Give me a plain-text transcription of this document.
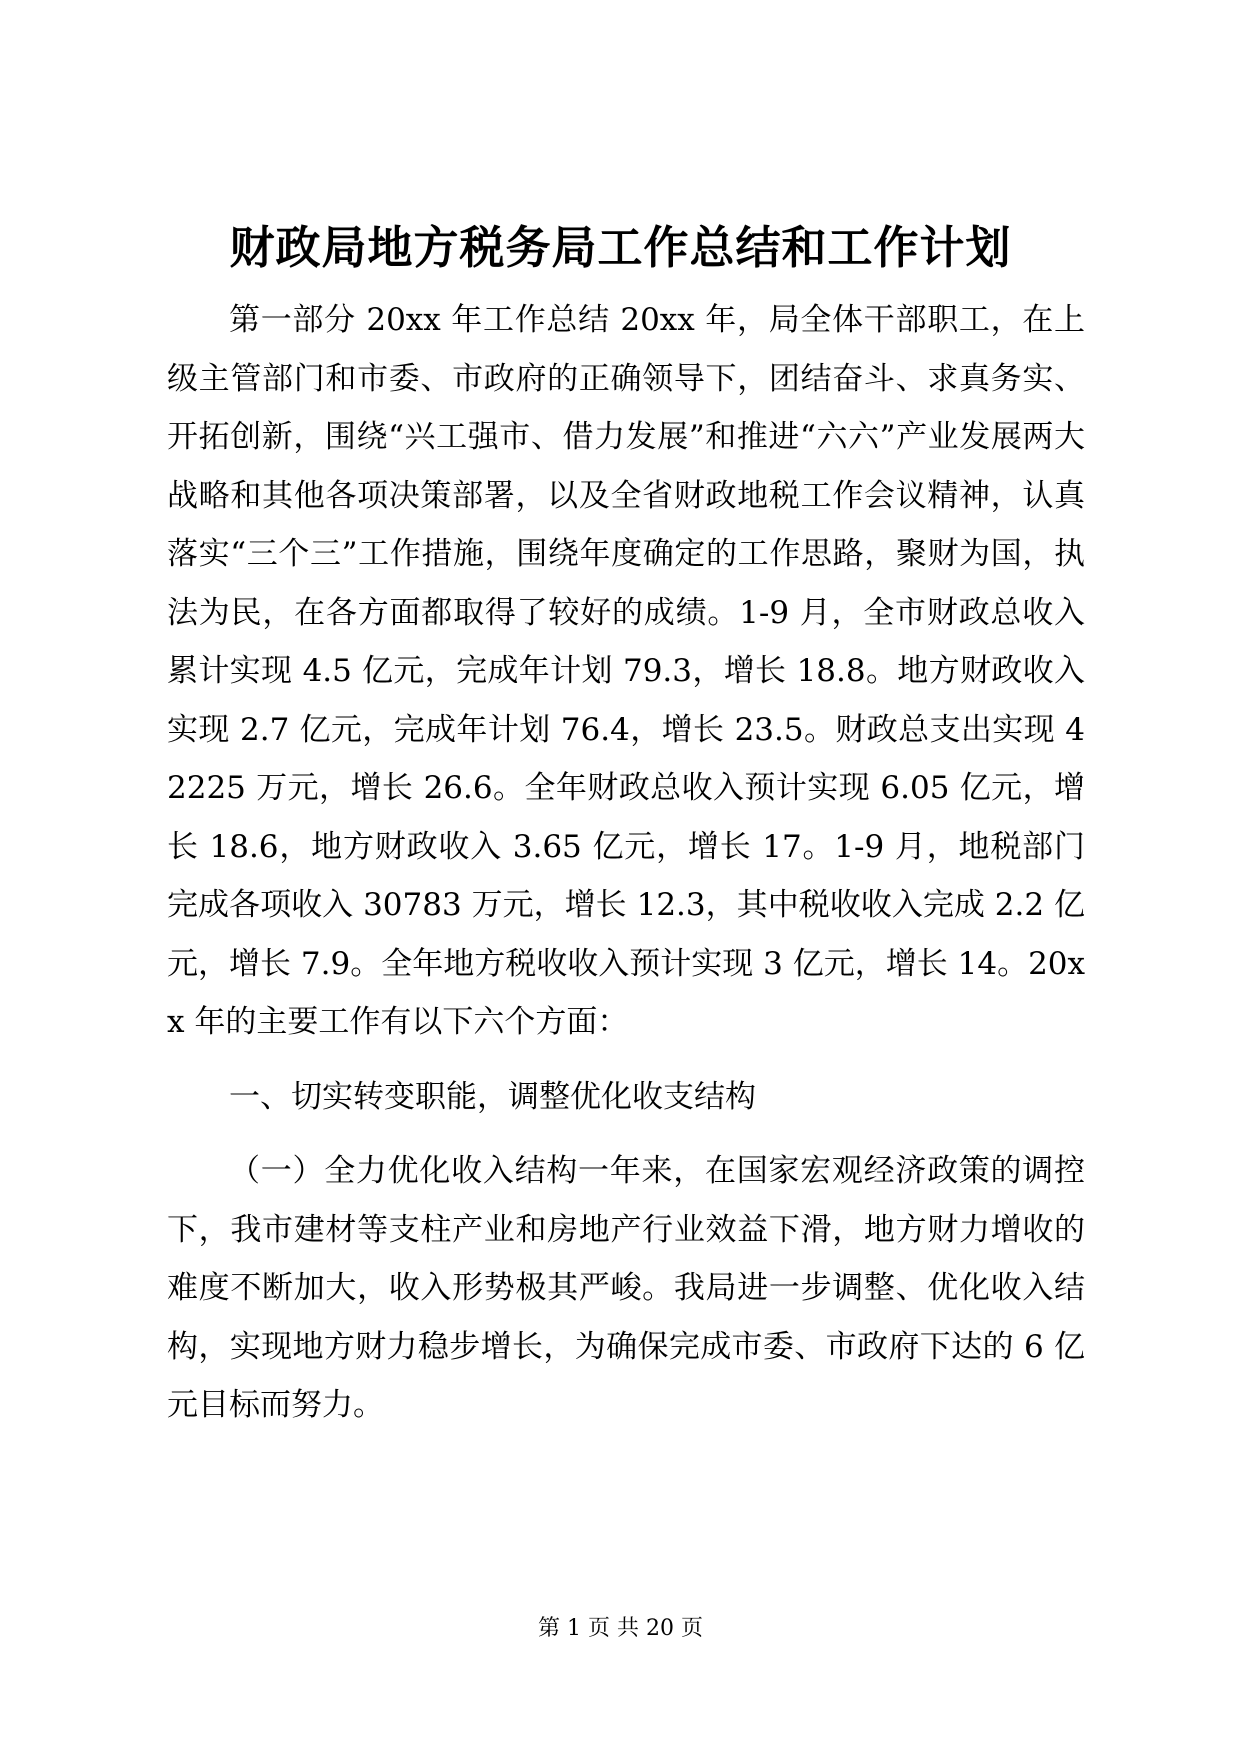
财政局地方税务局工作总结和工作计划

第一部分 20xx 年工作总结 20xx 年，局全体干部职工，在上级主管部门和市委、市政府的正确领导下，团结奋斗、求真务实、开拓创新，围绕“兴工强市、借力发展”和推进“六六”产业发展两大战略和其他各项决策部署，以及全省财政地税工作会议精神，认真落实“三个三”工作措施，围绕年度确定的工作思路，聚财为国，执法为民，在各方面都取得了较好的成绩。1-9 月，全市财政总收入累计实现 4.5 亿元，完成年计划 79.3，增长 18.8。地方财政收入实现 2.7 亿元，完成年计划 76.4，增长 23.5。财政总支出实现 42225 万元，增长 26.6。全年财政总收入预计实现 6.05 亿元，增长 18.6，地方财政收入 3.65 亿元，增长 17。1-9 月，地税部门完成各项收入 30783 万元，增长 12.3，其中税收收入完成 2.2 亿元，增长 7.9。全年地方税收收入预计实现 3 亿元，增长 14。20xx 年的主要工作有以下六个方面：

一、切实转变职能，调整优化收支结构

（一）全力优化收入结构一年来，在国家宏观经济政策的调控下，我市建材等支柱产业和房地产行业效益下滑，地方财力增收的难度不断加大，收入形势极其严峻。我局进一步调整、优化收入结构，实现地方财力稳步增长，为确保完成市委、市政府下达的 6 亿元目标而努力。

第 1 页 共 20 页
